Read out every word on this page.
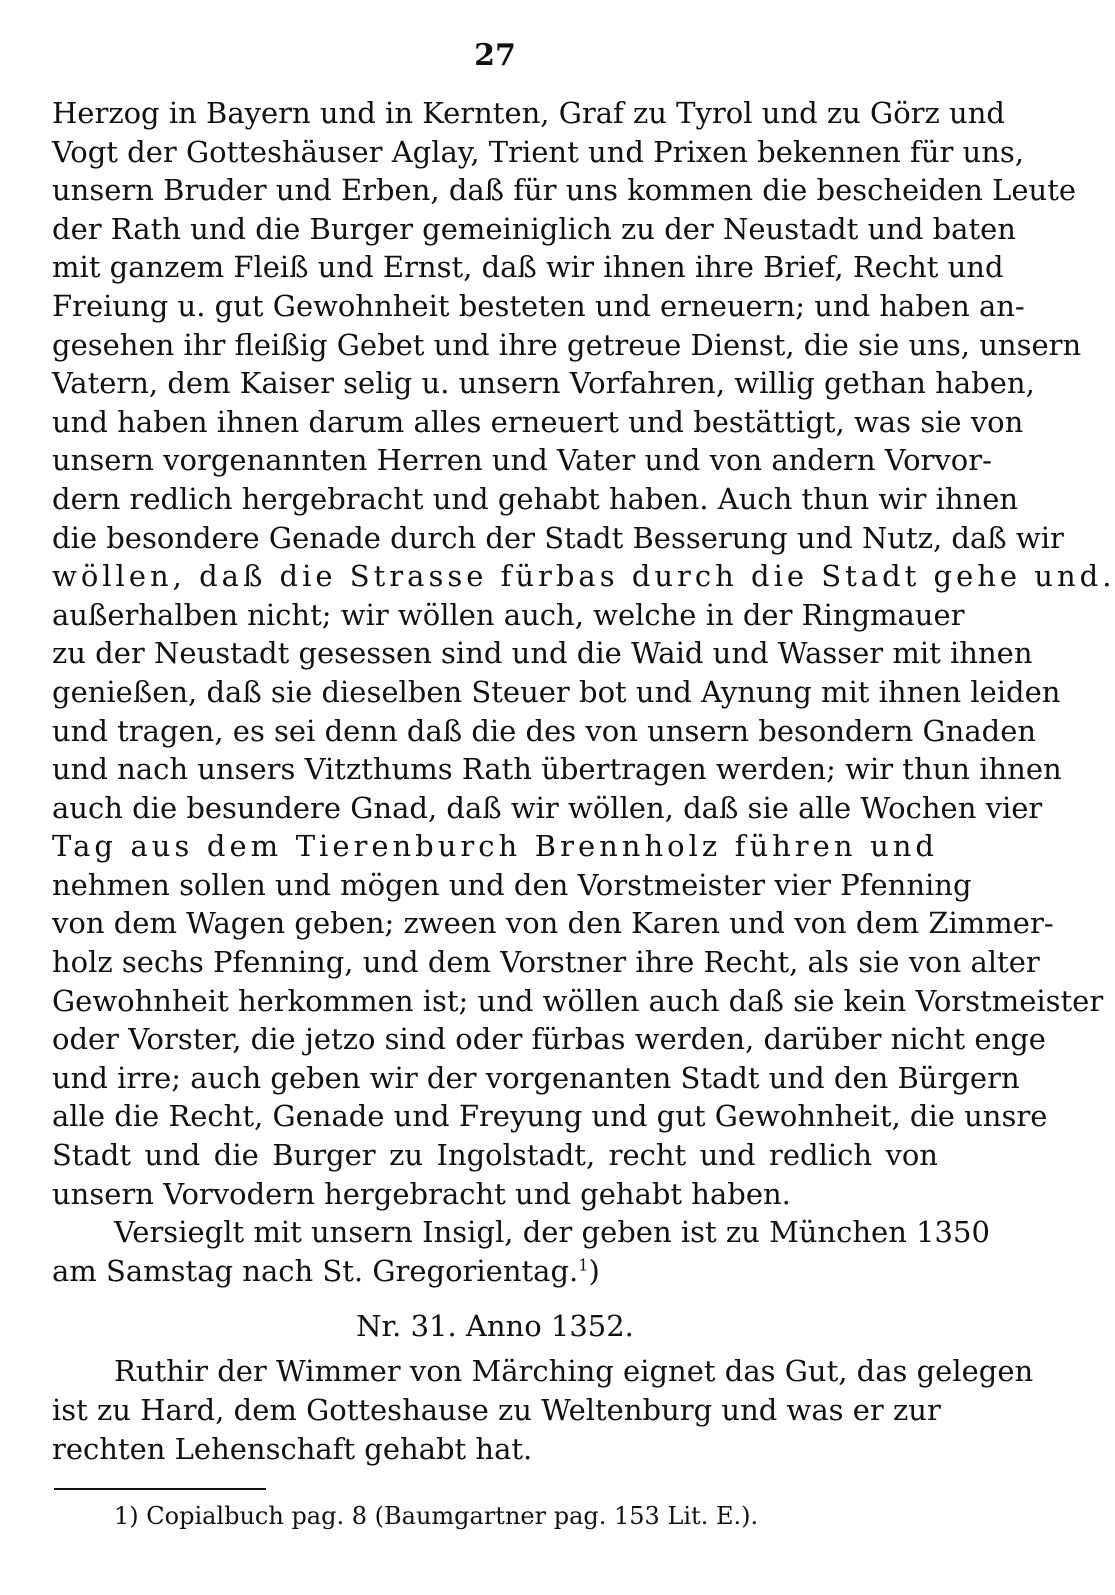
27
Herzog in Bayern und in Kernten, Graf zu Tyrol und zu Görz und
Vogt der Gotteshäuser Aglay, Trient und Prixen bekennen für uns,
unsern Bruder und Erben, daß für uns kommen die bescheiden Leute
der Rath und die Burger gemeiniglich zu der Neustadt und baten
mit ganzem Fleiß und Ernst, daß wir ihnen ihre Brief, Recht und
Freiung u. gut Gewohnheit besteten und erneuern; und haben an-
gesehen ihr fleißig Gebet und ihre getreue Dienst, die sie uns, unsern
Vatern, dem Kaiser selig u. unsern Vorfahren, willig gethan haben,
und haben ihnen darum alles erneuert und bestättigt, was sie von
unsern vorgenannten Herren und Vater und von andern Vorvor-
dern redlich hergebracht und gehabt haben. Auch thun wir ihnen
die besondere Genade durch der Stadt Besserung und Nutz, daß wir
wöllen, daß die Strasse fürbas durch die Stadt gehe und.
außerhalben nicht; wir wöllen auch, welche in der Ringmauer
zu der Neustadt gesessen sind und die Waid und Wasser mit ihnen
genießen, daß sie dieselben Steuer bot und Aynung mit ihnen leiden
und tragen, es sei denn daß die des von unsern besondern Gnaden
und nach unsers Vitzthums Rath übertragen werden; wir thun ihnen
auch die besundere Gnad, daß wir wöllen, daß sie alle Wochen vier
Tag aus dem Tierenburch Brennholz führen und
nehmen sollen und mögen und den Vorstmeister vier Pfenning
von dem Wagen geben; zween von den Karen und von dem Zimmer-
holz sechs Pfenning, und dem Vorstner ihre Recht, als sie von alter
Gewohnheit herkommen ist; und wöllen auch daß sie kein Vorstmeister
oder Vorster, die jetzo sind oder fürbas werden, darüber nicht enge
und irre; auch geben wir der vorgenanten Stadt und den Bürgern
alle die Recht, Genade und Freyung und gut Gewohnheit, die unsre
Stadt und die Burger zu Ingolstadt, recht und redlich von
unsern Vorvodern hergebracht und gehabt haben.
Versieglt mit unsern Insigl, der geben ist zu München 1350
am Samstag nach St. Gregorientag.$^1$)
Nr. 31. Anno 1352.
Ruthir der Wimmer von Märching eignet das Gut, das gelegen
ist zu Hard, dem Gotteshause zu Weltenburg und was er zur
rechten Lehenschaft gehabt hat.
1) Copialbuch pag. 8 (Baumgartner pag. 153 Lit. E.).
